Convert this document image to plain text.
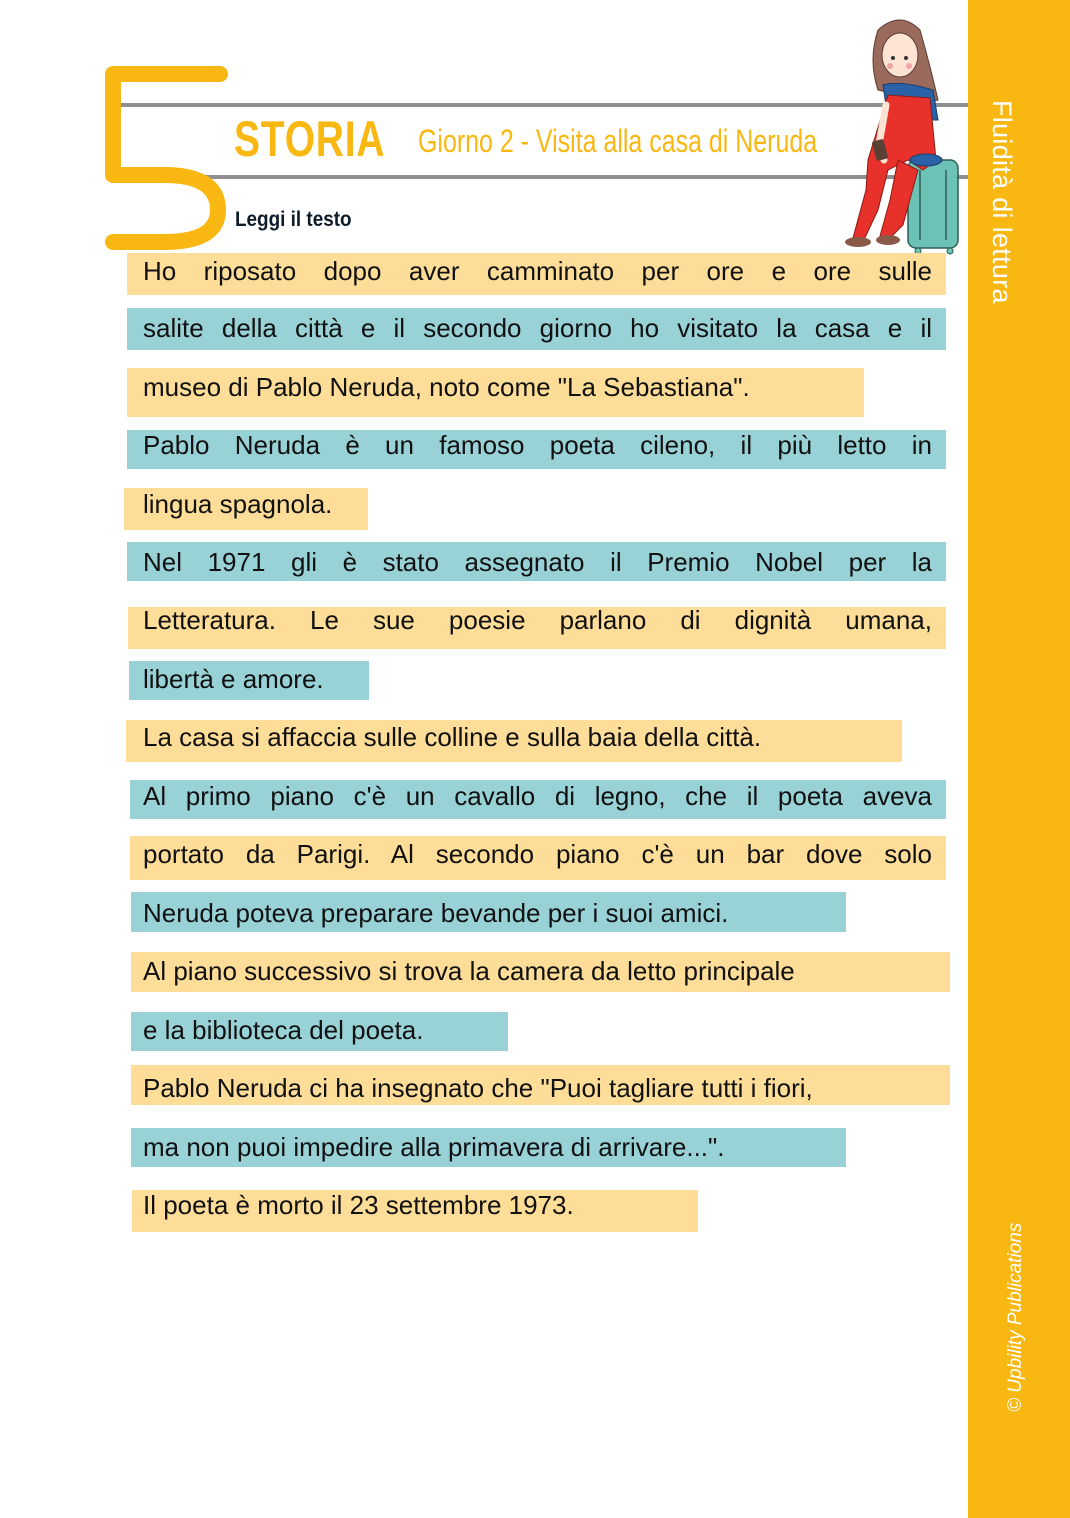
Fluidità di lettura
© Upbility Publications
STORIA Giorno 2 - Visita alla casa di Neruda
Leggi il testo
Ho riposato dopo aver camminato per ore e ore sulle
salite della città e il secondo giorno ho visitato la casa e il
museo di Pablo Neruda, noto come "La Sebastiana".
Pablo Neruda è un famoso poeta cileno, il più letto in
lingua spagnola.
Nel 1971 gli è stato assegnato il Premio Nobel per la
Letteratura. Le sue poesie parlano di dignità umana,
libertà e amore.
La casa si affaccia sulle colline e sulla baia della città.
Al primo piano c'è un cavallo di legno, che il poeta aveva
portato da Parigi. Al secondo piano c'è un bar dove solo
Neruda poteva preparare bevande per i suoi amici.
Al piano successivo si trova la camera da letto principale
e la biblioteca del poeta.
Pablo Neruda ci ha insegnato che "Puoi tagliare tutti i fiori,
ma non puoi impedire alla primavera di arrivare...".
Il poeta è morto il 23 settembre 1973.
